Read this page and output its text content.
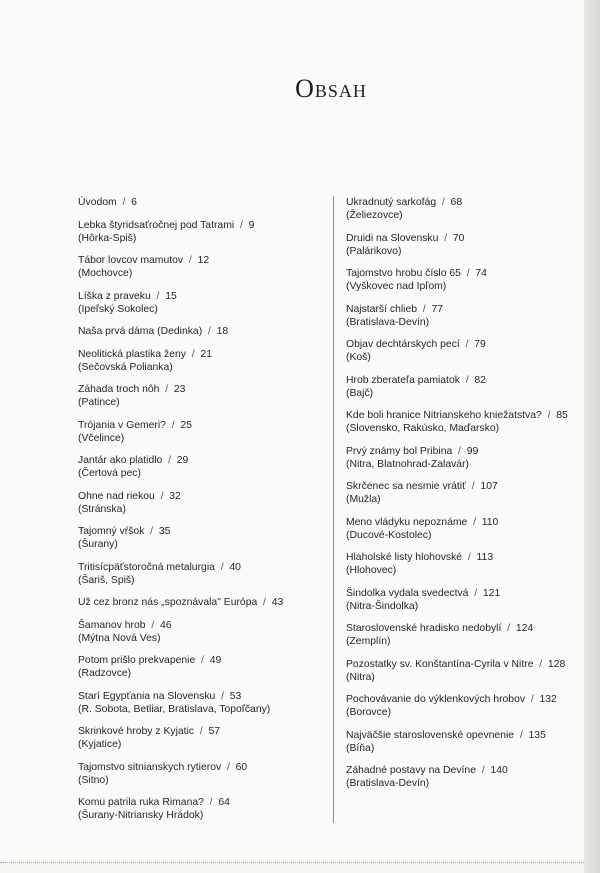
Obsah
Úvodom  /  6
Lebka štyridsaťročnej pod Tatrami  /  9
(Hôrka-Spiš)
Tábor lovcov mamutov  /  12
(Mochovce)
Líška z praveku  /  15
(Ipeľský Sokolec)
Naša prvá dáma (Dedinka)  /  18
Neolitická plastika ženy  /  21
(Sečovská Polianka)
Záhada troch nôh  /  23
(Patince)
Trójania v Gemeri?  /  25
(Včelince)
Jantár ako platidlo  /  29
(Čertová pec)
Ohne nad riekou  /  32
(Stránska)
Tajomný vŕšok  /  35
(Šurany)
Tritisícpäťstoročná metalurgia  /  40
(Šariš, Spiš)
Už cez bronz nás „spoznávala" Európa  /  43
Šamanov hrob  /  46
(Mýtna Nová Ves)
Potom prišlo prekvapenie  /  49
(Radzovce)
Starí Egypťania na Slovensku  /  53
(R. Sobota, Betliar, Bratislava, Topoľčany)
Skrinkové hroby z Kyjatic  /  57
(Kyjatice)
Tajomstvo sitnianskych rytierov  /  60
(Sitno)
Komu patrila ruka Rimana?  /  64
(Šurany-Nitriansky Hrádok)
Ukradnutý sarkofág  /  68
(Želiezovce)
Druidi na Slovensku  /  70
(Palárikovo)
Tajomstvo hrobu číslo 65  /  74
(Vyškovec nad Ipľom)
Najstarší chlieb  /  77
(Bratislava-Devín)
Objav dechtárskych pecí  /  79
(Koš)
Hrob zberateľa pamiatok  /  82
(Bajč)
Kde boli hranice Nitrianskeho kniežatstva?  /  85
(Slovensko, Rakúsko, Maďarsko)
Prvý známy bol Pribina  /  99
(Nitra, Blatnohrad-Zalavár)
Skrčenec sa nesmie vrátiť  /  107
(Mužla)
Meno vládyku nepoznáme  /  110
(Ducové-Kostolec)
Hlaholské listy hlohovské  /  113
(Hlohovec)
Šindolka vydala svedectvá  /  121
(Nitra-Šindolka)
Staroslovenské hradisko nedobylí  /  124
(Zemplín)
Pozostatky sv. Konštantína-Cyrila v Nitre  /  128
(Nitra)
Pochovávanie do výklenkových hrobov  /  132
(Borovce)
Najväčšie staroslovenské opevnenie  /  135
(Bíňa)
Záhadné postavy na Devíne  /  140
(Bratislava-Devín)
